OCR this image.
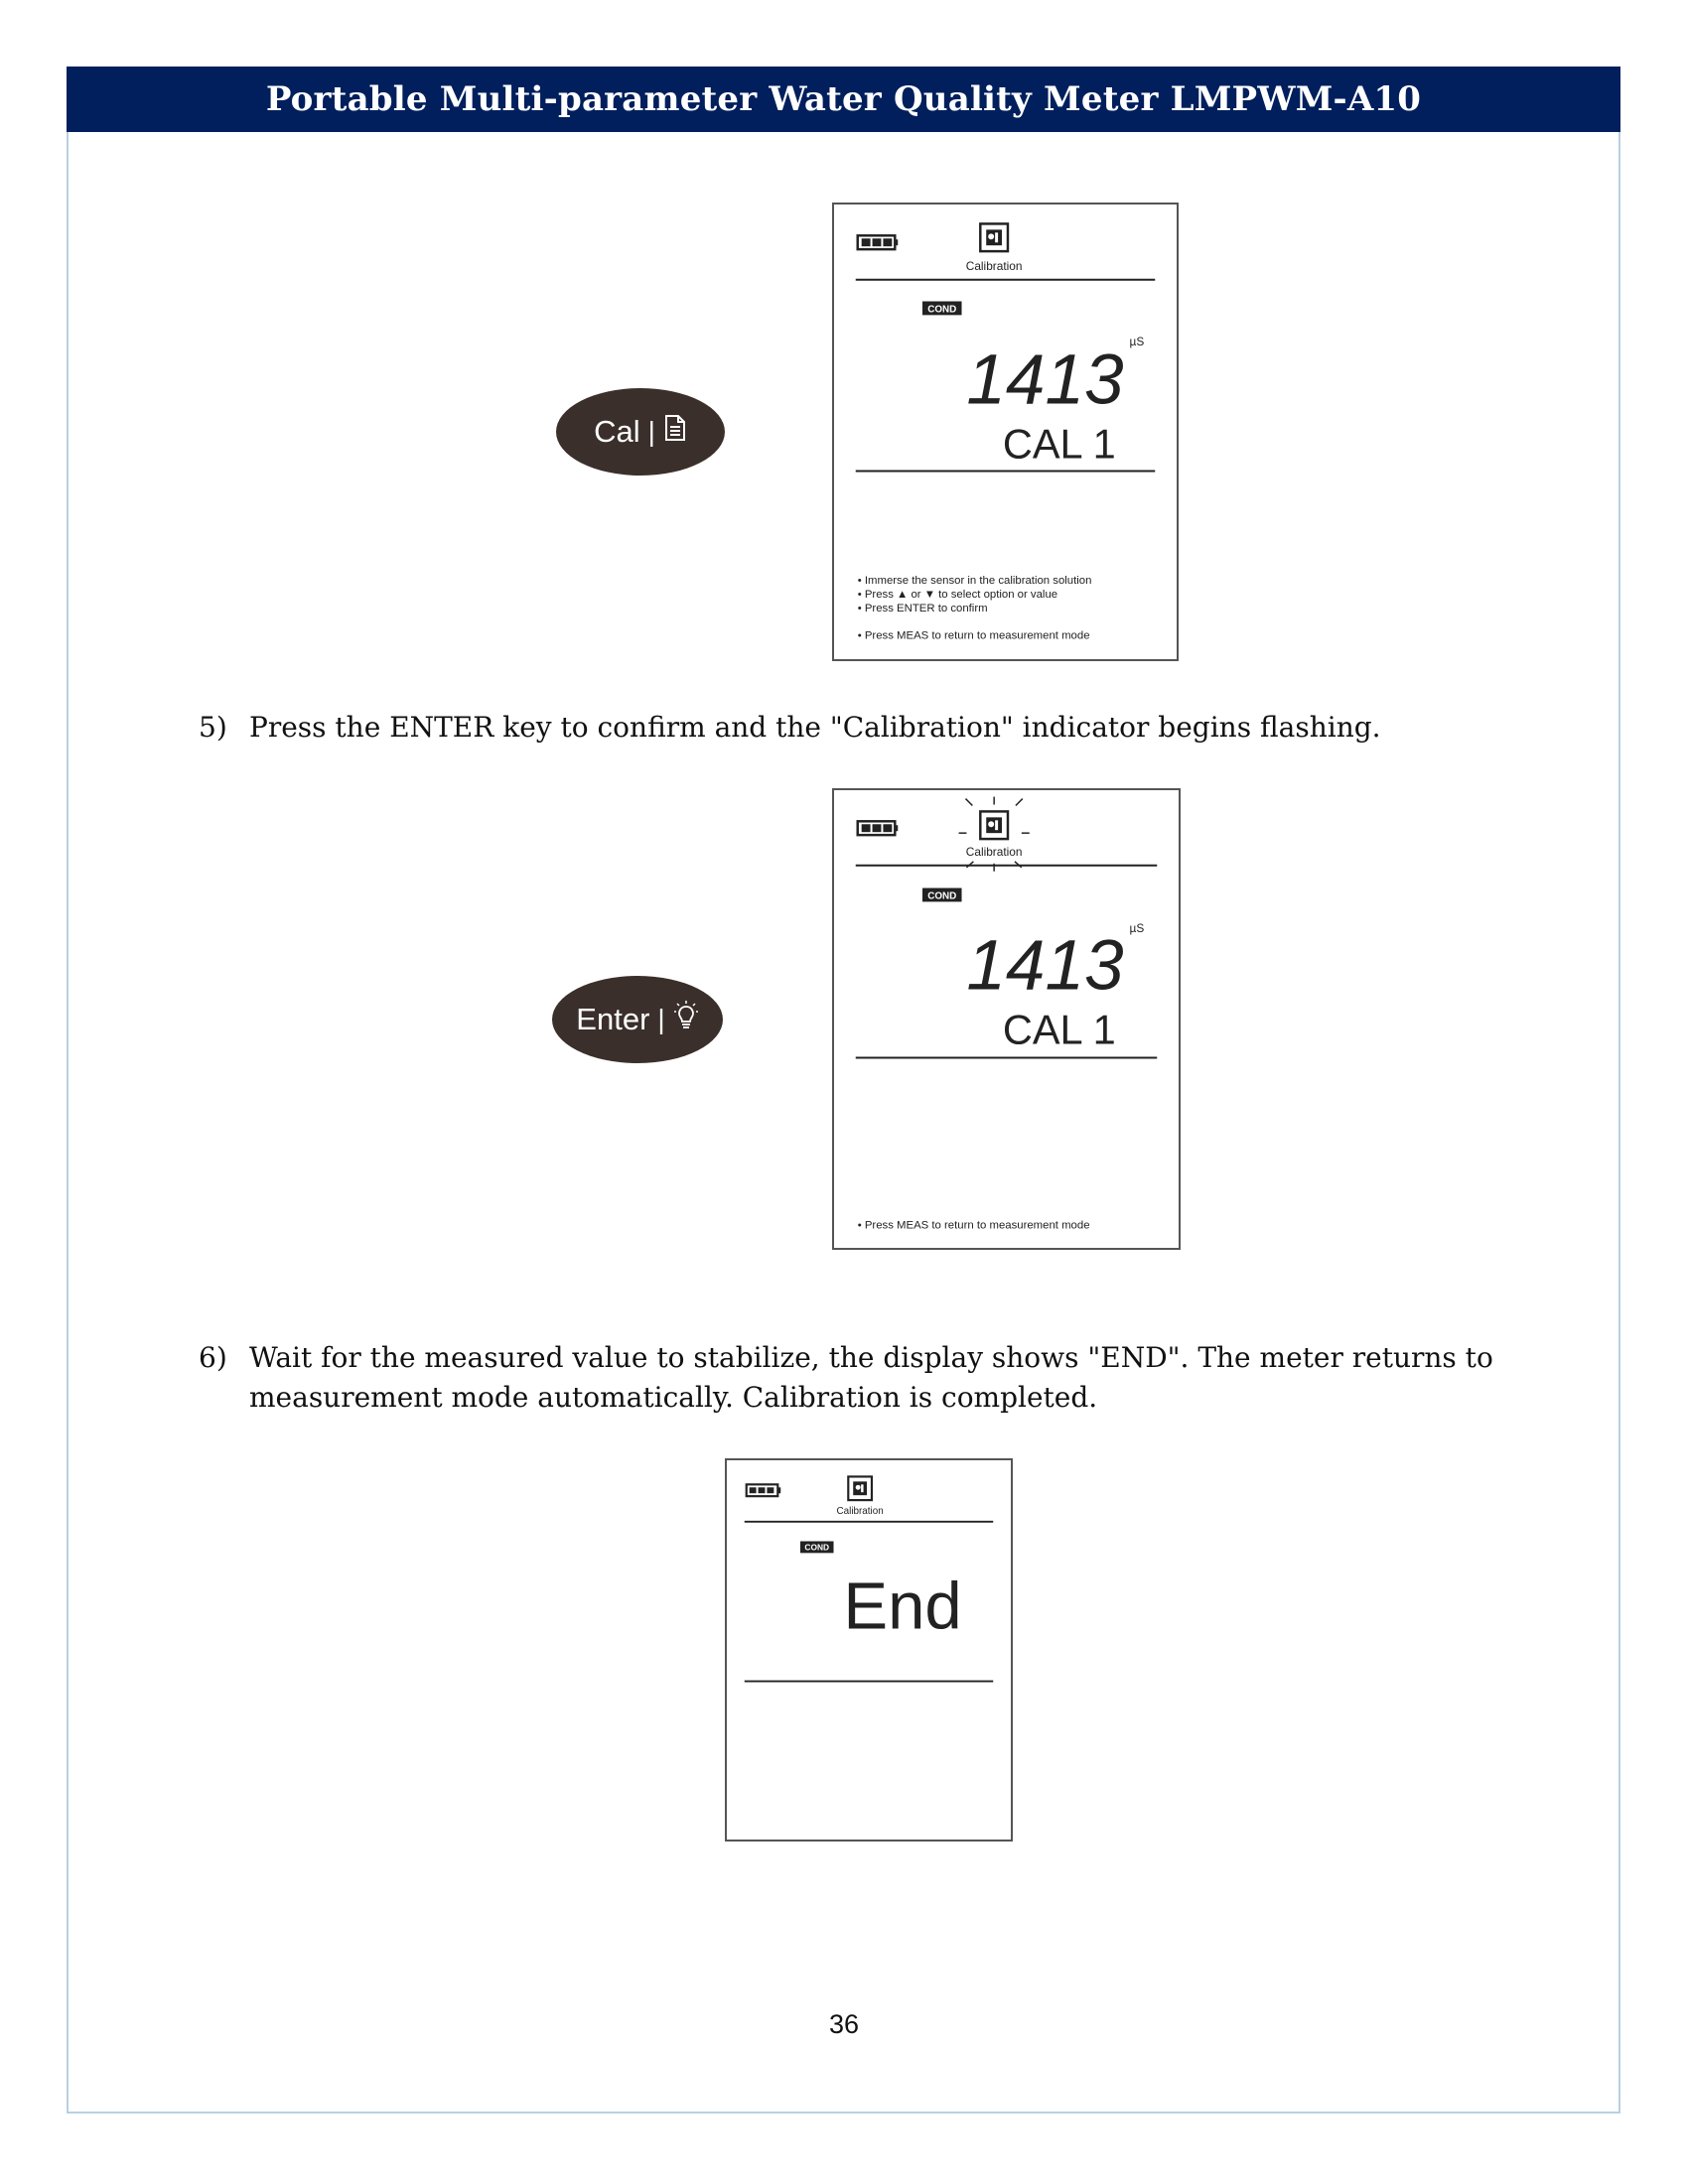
Portable Multi-parameter Water Quality Meter LMPWM-A10
Cal |
Calibration
COND
1413 µS
CAL 1
• Immerse the sensor in the calibration solution
• Press ▲ or ▼ to select option or value
• Press ENTER to confirm
• Press MEAS to return to measurement mode
5) Press the ENTER key to confirm and the "Calibration" indicator begins flashing.
Enter |
Calibration
COND
1413 µS
CAL 1
• Press MEAS to return to measurement mode
6) Wait for the measured value to stabilize, the display shows "END". The meter returns to measurement mode automatically. Calibration is completed.
Calibration
COND
End
36
